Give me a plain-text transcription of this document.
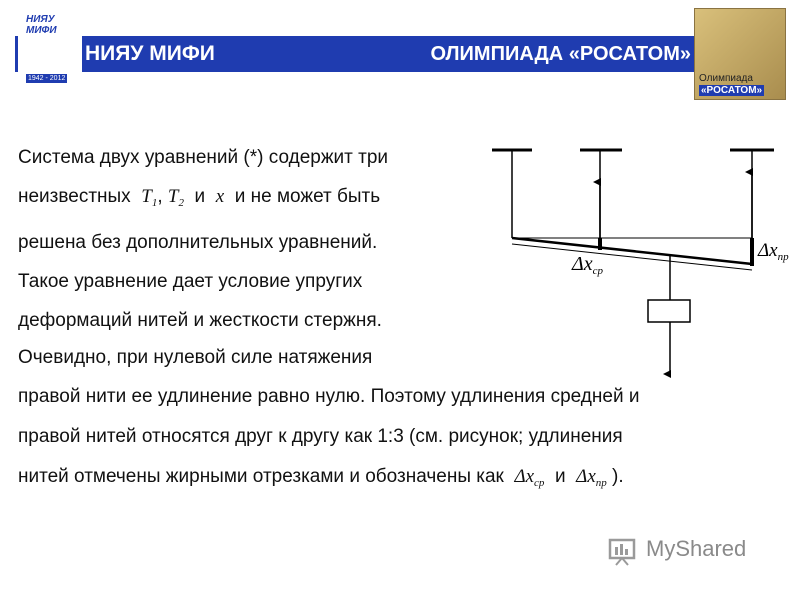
НИЯУ МИФИ	ОЛИМПИАДА «РОСАТОМ»
НИЯУ МИФИ
1942 - 2012	Олимпиада
«РОСАТОМ»
Система двух уравнений (*) содержит три
неизвестных $T_1$, $T_2$ и x и не может быть
решена без дополнительных уравнений.
Такое уравнение дает условие упругих
деформаций нитей и жесткости стержня.
Очевидно, при нулевой силе натяжения
правой нити ее удлинение равно нулю. Поэтому удлинения средней и
правой нитей относятся друг к другу как 1:3 (см. рисунок; удлинения
нитей отмечены жирными отрезками и обозначены как $\Delta x_{ср}$ и $\Delta x_{пр}$ ).
$\Delta x_{ср}$
$\Delta x_{пр}$
MyShared
